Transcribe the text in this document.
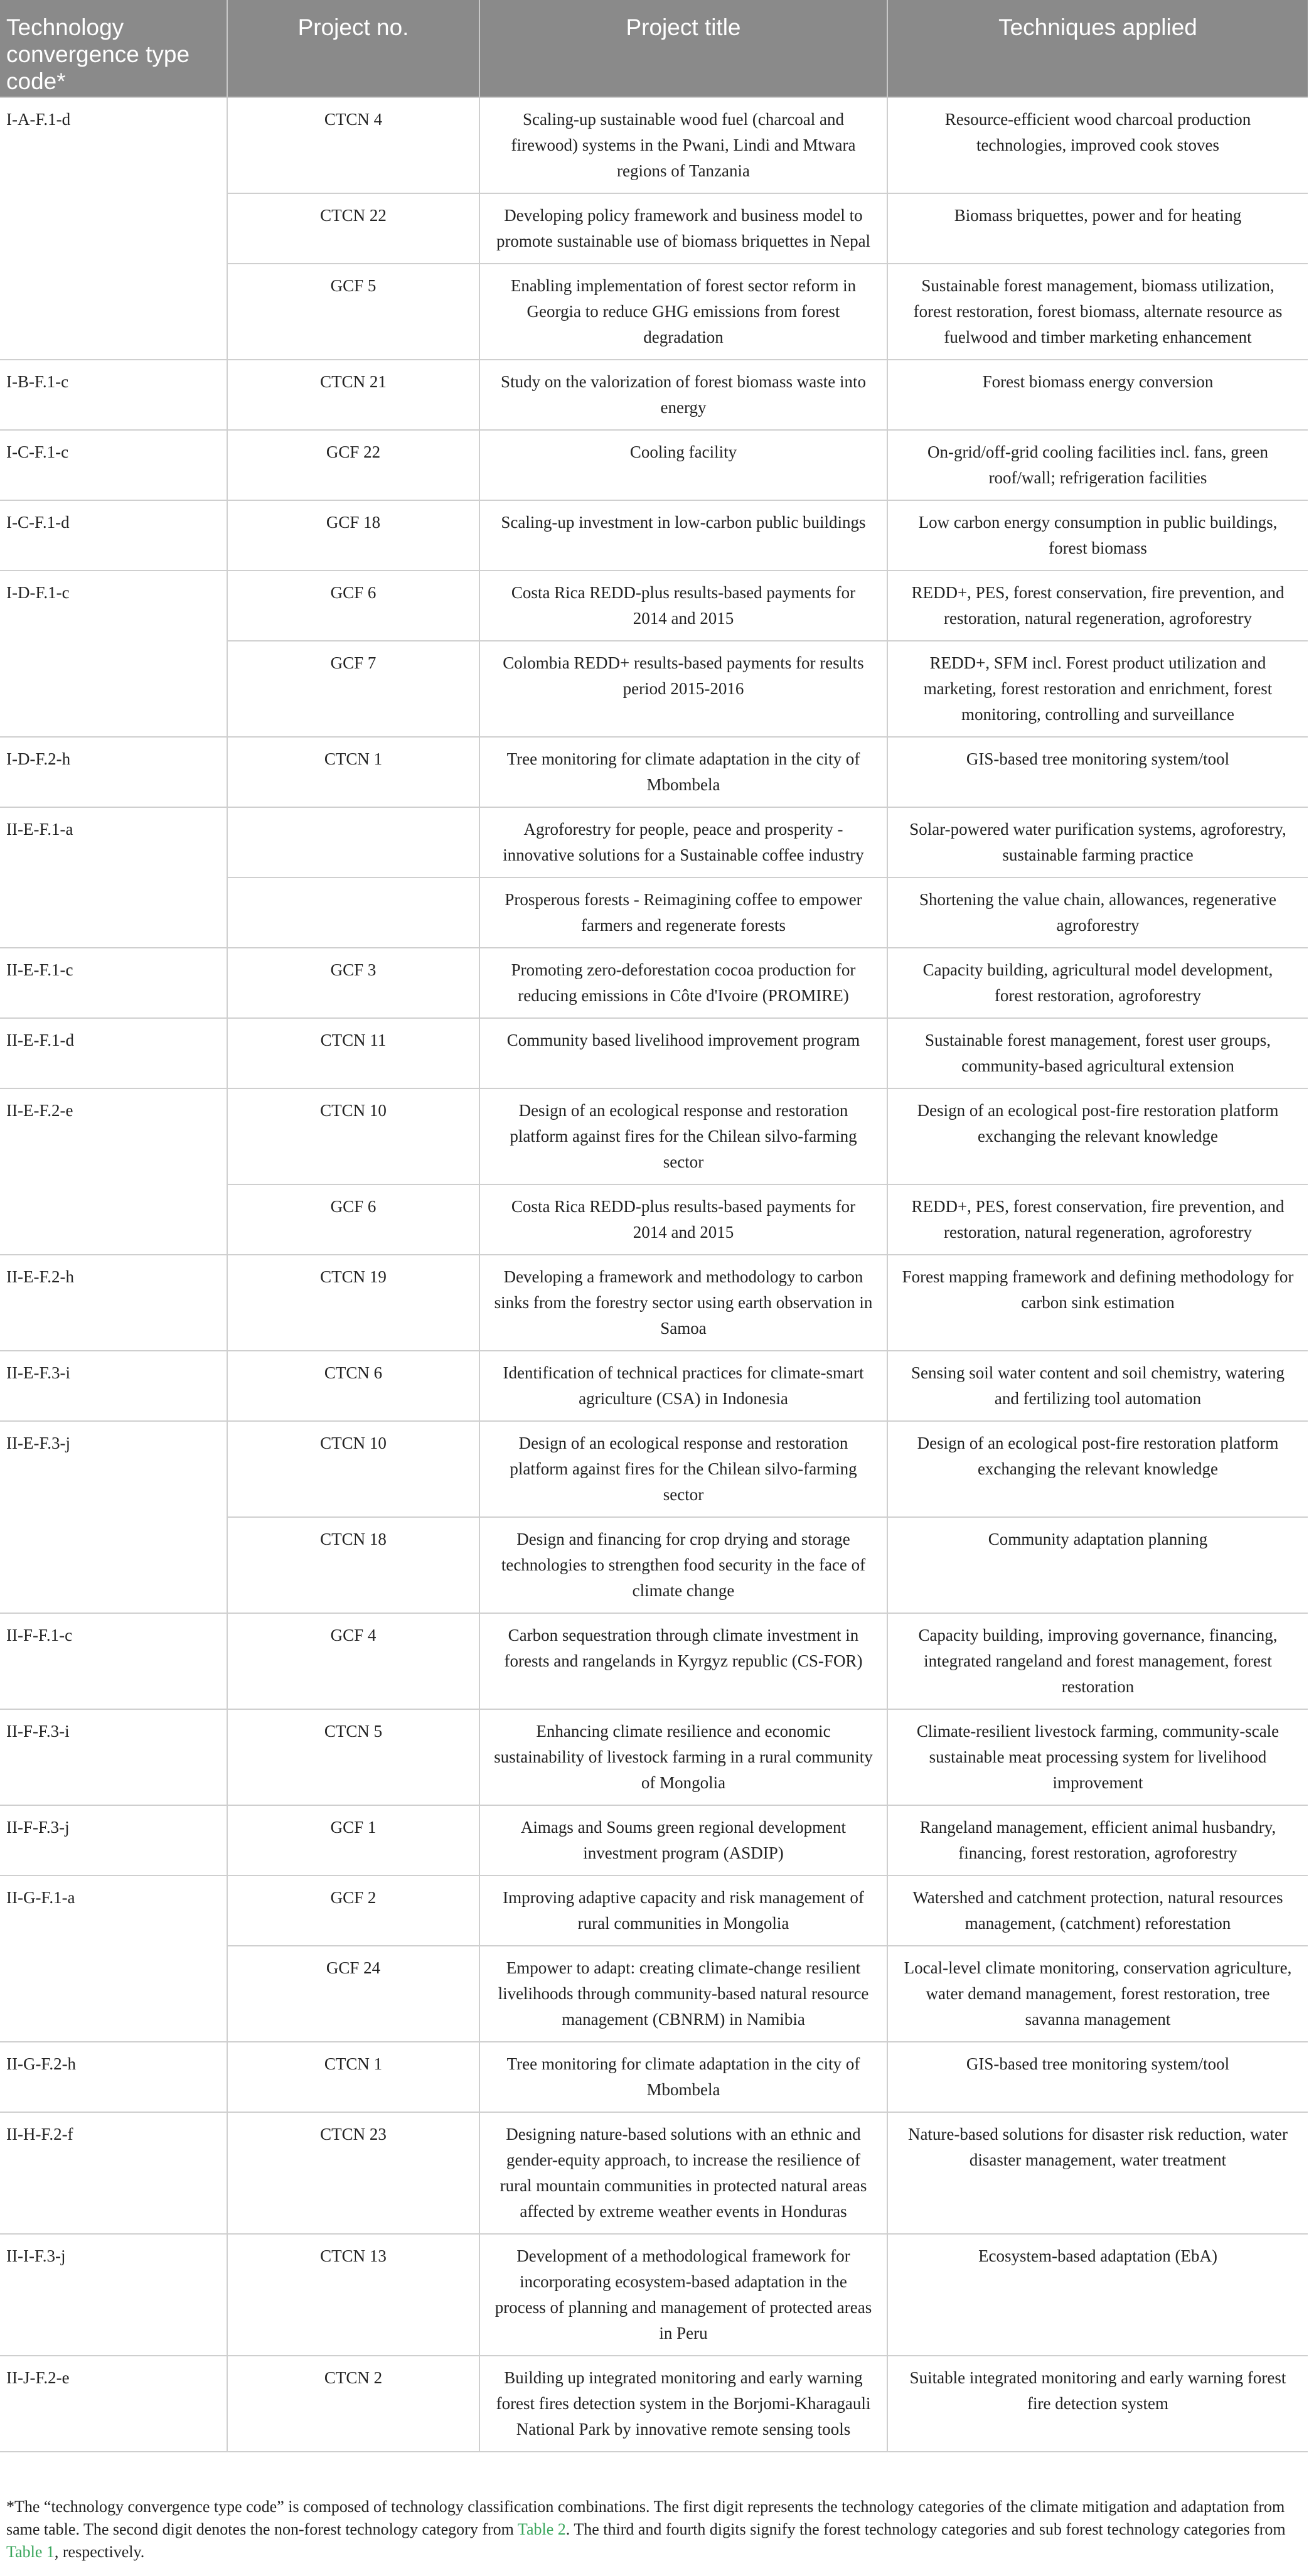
Technology convergence type code*	Project no.	Project title	Techniques applied
I-A-F.1-d	CTCN 4	Scaling-up sustainable wood fuel (charcoal and firewood) systems in the Pwani, Lindi and Mtwara regions of Tanzania	Resource-efficient wood charcoal production technologies, improved cook stoves
	CTCN 22	Developing policy framework and business model to promote sustainable use of biomass briquettes in Nepal	Biomass briquettes, power and for heating
	GCF 5	Enabling implementation of forest sector reform in Georgia to reduce GHG emissions from forest degradation	Sustainable forest management, biomass utilization, forest restoration, forest biomass, alternate resource as fuelwood and timber marketing enhancement
I-B-F.1-c	CTCN 21	Study on the valorization of forest biomass waste into energy	Forest biomass energy conversion
I-C-F.1-c	GCF 22	Cooling facility	On-grid/off-grid cooling facilities incl. fans, green roof/wall; refrigeration facilities
I-C-F.1-d	GCF 18	Scaling-up investment in low-carbon public buildings	Low carbon energy consumption in public buildings, forest biomass
I-D-F.1-c	GCF 6	Costa Rica REDD-plus results-based payments for 2014 and 2015	REDD+, PES, forest conservation, fire prevention, and restoration, natural regeneration, agroforestry
	GCF 7	Colombia REDD+ results-based payments for results period 2015-2016	REDD+, SFM incl. Forest product utilization and marketing, forest restoration and enrichment, forest monitoring, controlling and surveillance
I-D-F.2-h	CTCN 1	Tree monitoring for climate adaptation in the city of Mbombela	GIS-based tree monitoring system/tool
II-E-F.1-a		Agroforestry for people, peace and prosperity - innovative solutions for a Sustainable coffee industry	Solar-powered water purification systems, agroforestry, sustainable farming practice
		Prosperous forests - Reimagining coffee to empower farmers and regenerate forests	Shortening the value chain, allowances, regenerative agroforestry
II-E-F.1-c	GCF 3	Promoting zero-deforestation cocoa production for reducing emissions in Côte d'Ivoire (PROMIRE)	Capacity building, agricultural model development, forest restoration, agroforestry
II-E-F.1-d	CTCN 11	Community based livelihood improvement program	Sustainable forest management, forest user groups, community-based agricultural extension
II-E-F.2-e	CTCN 10	Design of an ecological response and restoration platform against fires for the Chilean silvo-farming sector	Design of an ecological post-fire restoration platform exchanging the relevant knowledge
	GCF 6	Costa Rica REDD-plus results-based payments for 2014 and 2015	REDD+, PES, forest conservation, fire prevention, and restoration, natural regeneration, agroforestry
II-E-F.2-h	CTCN 19	Developing a framework and methodology to carbon sinks from the forestry sector using earth observation in Samoa	Forest mapping framework and defining methodology for carbon sink estimation
II-E-F.3-i	CTCN 6	Identification of technical practices for climate-smart agriculture (CSA) in Indonesia	Sensing soil water content and soil chemistry, watering and fertilizing tool automation
II-E-F.3-j	CTCN 10	Design of an ecological response and restoration platform against fires for the Chilean silvo-farming sector	Design of an ecological post-fire restoration platform exchanging the relevant knowledge
	CTCN 18	Design and financing for crop drying and storage technologies to strengthen food security in the face of climate change	Community adaptation planning
II-F-F.1-c	GCF 4	Carbon sequestration through climate investment in forests and rangelands in Kyrgyz republic (CS-FOR)	Capacity building, improving governance, financing, integrated rangeland and forest management, forest restoration
II-F-F.3-i	CTCN 5	Enhancing climate resilience and economic sustainability of livestock farming in a rural community of Mongolia	Climate-resilient livestock farming, community-scale sustainable meat processing system for livelihood improvement
II-F-F.3-j	GCF 1	Aimags and Soums green regional development investment program (ASDIP)	Rangeland management, efficient animal husbandry, financing, forest restoration, agroforestry
II-G-F.1-a	GCF 2	Improving adaptive capacity and risk management of rural communities in Mongolia	Watershed and catchment protection, natural resources management, (catchment) reforestation
	GCF 24	Empower to adapt: creating climate-change resilient livelihoods through community-based natural resource management (CBNRM) in Namibia	Local-level climate monitoring, conservation agriculture, water demand management, forest restoration, tree savanna management
II-G-F.2-h	CTCN 1	Tree monitoring for climate adaptation in the city of Mbombela	GIS-based tree monitoring system/tool
II-H-F.2-f	CTCN 23	Designing nature-based solutions with an ethnic and gender-equity approach, to increase the resilience of rural mountain communities in protected natural areas affected by extreme weather events in Honduras	Nature-based solutions for disaster risk reduction, water disaster management, water treatment
II-I-F.3-j	CTCN 13	Development of a methodological framework for incorporating ecosystem-based adaptation in the process of planning and management of protected areas in Peru	Ecosystem-based adaptation (EbA)
II-J-F.2-e	CTCN 2	Building up integrated monitoring and early warning forest fires detection system in the Borjomi-Kharagauli National Park by innovative remote sensing tools	Suitable integrated monitoring and early warning forest fire detection system
*The “technology convergence type code” is composed of technology classification combinations. The first digit represents the technology categories of the climate mitigation and adaptation from same table. The second digit denotes the non-forest technology category from Table 2. The third and fourth digits signify the forest technology categories and sub forest technology categories from Table 1, respectively.
